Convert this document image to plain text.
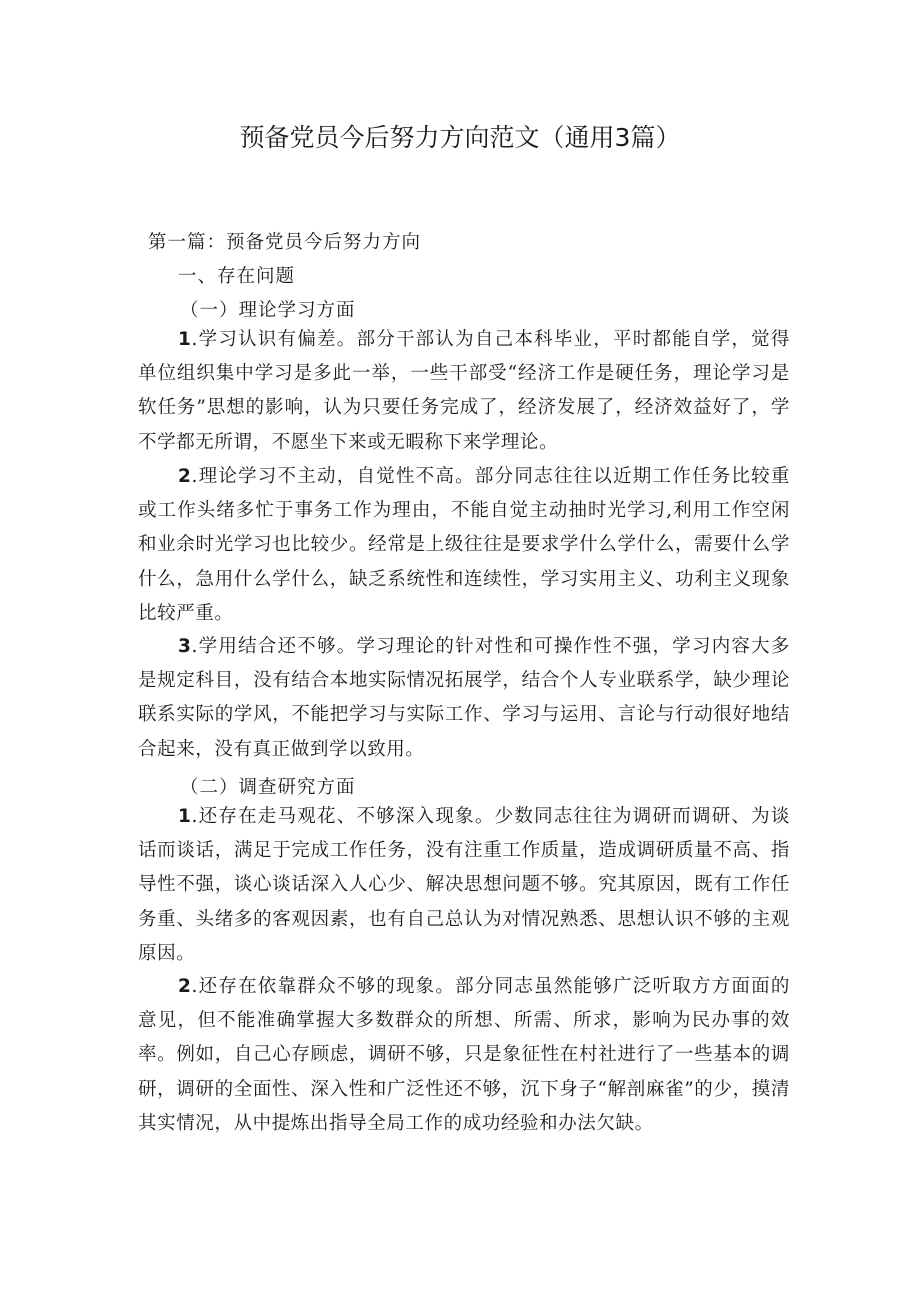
预备党员今后努力方向范文（通用3篇）
第一篇：预备党员今后努力方向
一、存在问题
（一）理论学习方面

1.学习认识有偏差。部分干部认为自己本科毕业，平时都能自学，觉得单位组织集中学习是多此一举，一些干部受“经济工作是硬任务，理论学习是软任务”思想的影响，认为只要任务完成了，经济发展了，经济效益好了，学不学都无所谓，不愿坐下来或无暇称下来学理论。

2.理论学习不主动，自觉性不高。部分同志往往以近期工作任务比较重或工作头绪多忙于事务工作为理由，不能自觉主动抽时光学习,利用工作空闲和业余时光学习也比较少。经常是上级往往是要求学什么学什么，需要什么学什么，急用什么学什么，缺乏系统性和连续性，学习实用主义、功利主义现象比较严重。

3.学用结合还不够。学习理论的针对性和可操作性不强，学习内容大多是规定科目，没有结合本地实际情况拓展学，结合个人专业联系学，缺少理论联系实际的学风，不能把学习与实际工作、学习与运用、言论与行动很好地结合起来，没有真正做到学以致用。

（二）调查研究方面

1.还存在走马观花、不够深入现象。少数同志往往为调研而调研、为谈话而谈话，满足于完成工作任务，没有注重工作质量，造成调研质量不高、指导性不强，谈心谈话深入人心少、解决思想问题不够。究其原因，既有工作任务重、头绪多的客观因素，也有自己总认为对情况熟悉、思想认识不够的主观原因。

2.还存在依靠群众不够的现象。部分同志虽然能够广泛听取方方面面的意见，但不能准确掌握大多数群众的所想、所需、所求，影响为民办事的效率。例如，自己心存顾虑，调研不够，只是象征性在村社进行了一些基本的调研，调研的全面性、深入性和广泛性还不够，沉下身子“解剖麻雀”的少，摸清其实情况，从中提炼出指导全局工作的成功经验和办法欠缺。
